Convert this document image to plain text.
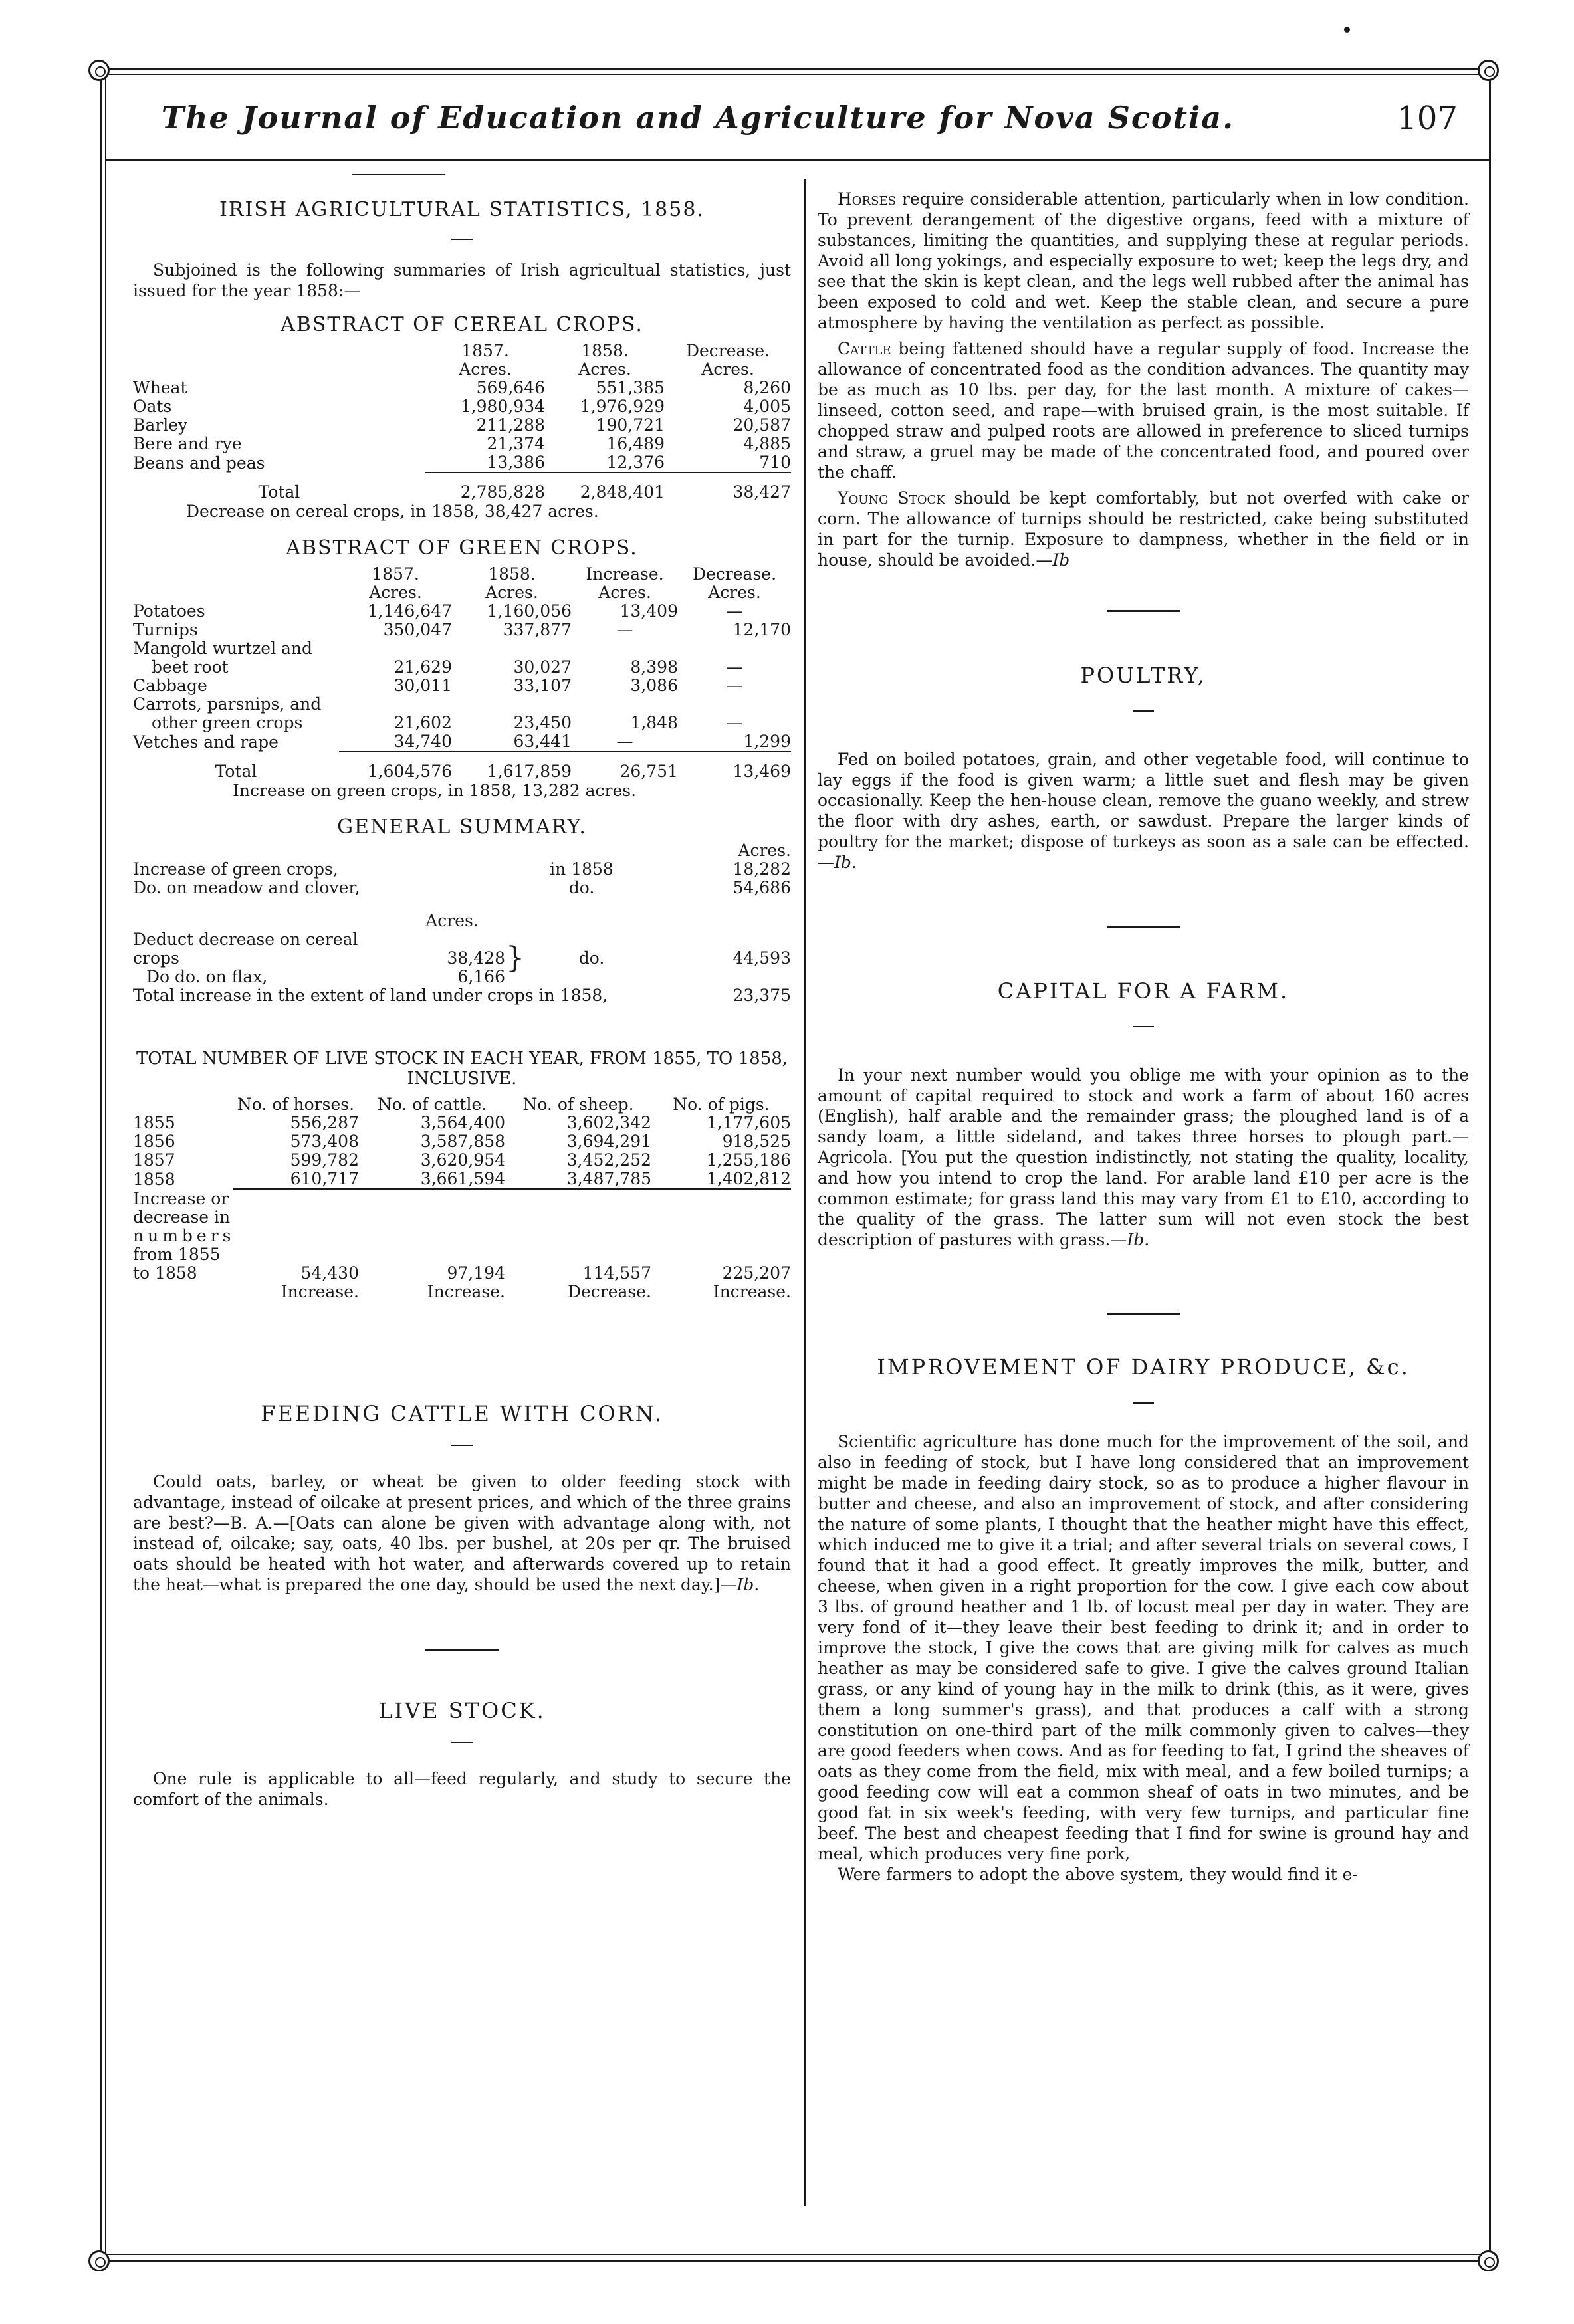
The Journal of Education and Agriculture for Nova Scotia.	107
IRISH AGRICULTURAL STATISTICS, 1858.

Subjoined is the following summaries of Irish agricultual statistics, just issued for the year 1858:—

ABSTRACT OF CEREAL CROPS.
	1857.	1858.	Decrease.
	Acres.	Acres.	Acres.
Wheat	569,646	551,385	8,260
Oats	1,980,934	1,976,929	4,005
Barley	211,288	190,721	20,587
Bere and rye	21,374	16,489	4,885
Beans and peas	13,386	12,376	710
Total	2,785,828	2,848,401	38,427
Decrease on cereal crops, in 1858, 38,427 acres.
ABSTRACT OF GREEN CROPS.
	1857.	1858.	Increase.	Decrease.
	Acres.	Acres.	Acres.	Acres.
Potatoes	1,146,647	1,160,056	13,409	—
Turnips	350,047	337,877	—	12,170
Mangold wurtzel and				
beet root	21,629	30,027	8,398	—
Cabbage	30,011	33,107	3,086	—
Carrots, parsnips, and				
other green crops	21,602	23,450	1,848	—
Vetches and rape	34,740	63,441	—	1,299
Total	1,604,576	1,617,859	26,751	13,469
Increase on green crops, in 1858, 13,282 acres.
GENERAL SUMMARY.
		Acres.
Increase of green crops,	in 1858	18,282
Do. on meadow and clover,	do.	54,686
	Acres.			
Deduct decrease on cereal crops	38,428	}	do.	44,593
Do do. on flax,	6,166			
Total increase in the extent of land under crops in 1858,	23,375
TOTAL NUMBER OF LIVE STOCK IN EACH YEAR, FROM 1855, TO 1858, INCLUSIVE.
	No. of horses.	No. of cattle.	No. of sheep.	No. of pigs.
1855	556,287	3,564,400	3,602,342	1,177,605
1856	573,408	3,587,858	3,694,291	918,525
1857	599,782	3,620,954	3,452,252	1,255,186
1858	610,717	3,661,594	3,487,785	1,402,812
Increase or				
decrease in				
numbers				
from 1855				
to 1858	54,430	97,194	114,557	225,207
	Increase.	Increase.	Decrease.	Increase.
FEEDING CATTLE WITH CORN.

Could oats, barley, or wheat be given to older feeding stock with advantage, instead of oilcake at present prices, and which of the three grains are best?—B. A.—[Oats can alone be given with advantage along with, not instead of, oilcake; say, oats, 40 lbs. per bushel, at 20s per qr. The bruised oats should be heated with hot water, and afterwards covered up to retain the heat—what is prepared the one day, should be used the next day.]—Ib.

LIVE STOCK.

One rule is applicable to all—feed regularly, and study to secure the comfort of the animals.

Horses require considerable attention, particularly when in low condition. To prevent derangement of the digestive organs, feed with a mixture of substances, limiting the quantities, and supplying these at regular periods. Avoid all long yokings, and especially exposure to wet; keep the legs dry, and see that the skin is kept clean, and the legs well rubbed after the animal has been exposed to cold and wet. Keep the stable clean, and secure a pure atmosphere by having the ventilation as perfect as possible.

Cattle being fattened should have a regular supply of food. Increase the allowance of concentrated food as the condition advances. The quantity may be as much as 10 lbs. per day, for the last month. A mixture of cakes—linseed, cotton seed, and rape—with bruised grain, is the most suitable. If chopped straw and pulped roots are allowed in preference to sliced turnips and straw, a gruel may be made of the concentrated food, and poured over the chaff.

Young Stock should be kept comfortably, but not overfed with cake or corn. The allowance of turnips should be restricted, cake being substituted in part for the turnip. Exposure to dampness, whether in the field or in house, should be avoided.—Ib

POULTRY,

Fed on boiled potatoes, grain, and other vegetable food, will continue to lay eggs if the food is given warm; a little suet and flesh may be given occasionally. Keep the hen-house clean, remove the guano weekly, and strew the floor with dry ashes, earth, or sawdust. Prepare the larger kinds of poultry for the market; dispose of turkeys as soon as a sale can be effected.—Ib.

CAPITAL FOR A FARM.

In your next number would you oblige me with your opinion as to the amount of capital required to stock and work a farm of about 160 acres (English), half arable and the remainder grass; the ploughed land is of a sandy loam, a little sideland, and takes three horses to plough part.—Agricola. [You put the question indistinctly, not stating the quality, locality, and how you intend to crop the land. For arable land £10 per acre is the common estimate; for grass land this may vary from £1 to £10, according to the quality of the grass. The latter sum will not even stock the best description of pastures with grass.—Ib.

IMPROVEMENT OF DAIRY PRODUCE, &c.

Scientific agriculture has done much for the improvement of the soil, and also in feeding of stock, but I have long considered that an improvement might be made in feeding dairy stock, so as to produce a higher flavour in butter and cheese, and also an improvement of stock, and after considering the nature of some plants, I thought that the heather might have this effect, which induced me to give it a trial; and after several trials on several cows, I found that it had a good effect. It greatly improves the milk, butter, and cheese, when given in a right proportion for the cow. I give each cow about 3 lbs. of ground heather and 1 lb. of locust meal per day in water. They are very fond of it—they leave their best feeding to drink it; and in order to improve the stock, I give the cows that are giving milk for calves as much heather as may be considered safe to give. I give the calves ground Italian grass, or any kind of young hay in the milk to drink (this, as it were, gives them a long summer's grass), and that produces a calf with a strong constitution on one-third part of the milk commonly given to calves—they are good feeders when cows. And as for feeding to fat, I grind the sheaves of oats as they come from the field, mix with meal, and a few boiled turnips; a good feeding cow will eat a common sheaf of oats in two minutes, and be good fat in six week's feeding, with very few turnips, and particular fine beef. The best and cheapest feeding that I find for swine is ground hay and meal, which produces very fine pork,

Were farmers to adopt the above system, they would find it e-
